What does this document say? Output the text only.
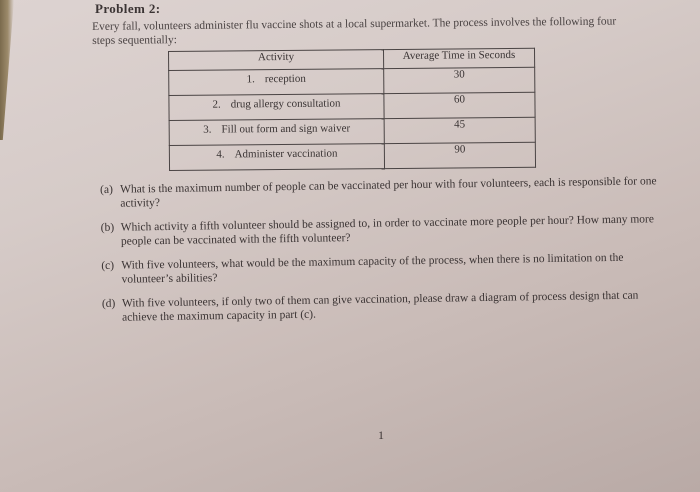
Problem 2:
Every fall, volunteers administer flu vaccine shots at a local supermarket. The process involves the following four steps sequentially:
Activity	Average Time in Seconds
1. reception	30
2. drug allergy consultation	60
3. Fill out form and sign waiver	45
4. Administer vaccination	90
(a) What is the maximum number of people can be vaccinated per hour with four volunteers, each is responsible for one activity?
(b) Which activity a fifth volunteer should be assigned to, in order to vaccinate more people per hour? How many more people can be vaccinated with the fifth volunteer?
(c) With five volunteers, what would be the maximum capacity of the process, when there is no limitation on the volunteer’s abilities?
(d) With five volunteers, if only two of them can give vaccination, please draw a diagram of process design that can achieve the maximum capacity in part (c).
1
